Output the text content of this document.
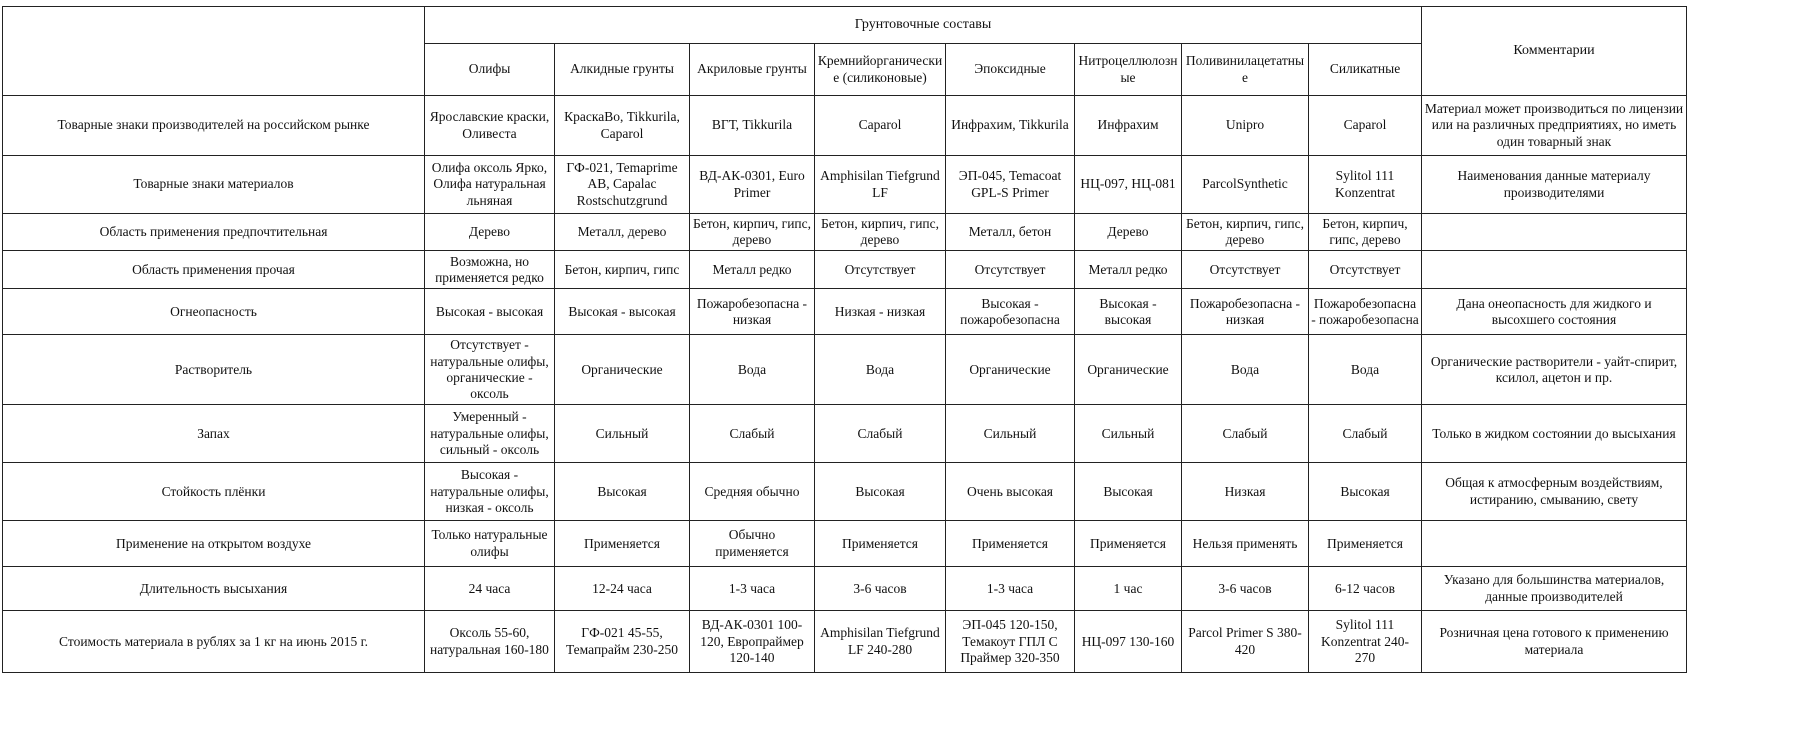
	Грунтовочные составы								Комментарии
	Олифы	Алкидные грунты	Акриловые грунты	Кремнийорганические (силиконовые)	Эпоксидные	Нитроцеллюлозные	Поливинилацетатные	Силикатные	
Товарные знаки производителей на российском рынке	Ярославские краски, Оливеста	КраскаВо, Tikkurila, Caparol	ВГТ, Tikkurila	Caparol	Инфрахим, Tikkurila	Инфрахим	Unipro	Caparol	Материал может производиться по лицензии или на различных предприятиях, но иметь один товарный знак
Товарные знаки материалов	Олифа оксоль Ярко, Олифа натуральная льняная	ГФ-021, Temaprime AB, Capalac Rostschutzgrund	ВД-АК-0301, Euro Primer	Amphisilan Tiefgrund LF	ЭП-045, Temacoat GPL-S Primer	НЦ-097, НЦ-081	ParcolSynthetic	Sylitol 111 Konzentrat	Наименования данные материалу производителями
Область применения предпочтительная	Дерево	Металл, дерево	Бетон, кирпич, гипс, дерево	Бетон, кирпич, гипс, дерево	Металл, бетон	Дерево	Бетон, кирпич, гипс, дерево	Бетон, кирпич, гипс, дерево	
Область применения прочая	Возможна, но применяется редко	Бетон, кирпич, гипс	Металл редко	Отсутствует	Отсутствует	Металл редко	Отсутствует	Отсутствует	
Огнеопасность	Высокая - высокая	Высокая - высокая	Пожаробезопасна - низкая	Низкая - низкая	Высокая - пожаробезопасна	Высокая - высокая	Пожаробезопасна - низкая	Пожаробезопасна - пожаробезопасна	Дана онеопасность для жидкого и высохшего состояния
Растворитель	Отсутствует - натуральные олифы, органические - оксоль	Органические	Вода	Вода	Органические	Органические	Вода	Вода	Органические растворители - уайт-спирит, ксилол, ацетон и пр.
Запах	Умеренный - натуральные олифы, сильный - оксоль	Сильный	Слабый	Слабый	Сильный	Сильный	Слабый	Слабый	Только в жидком состоянии до высыхания
Стойкость плёнки	Высокая - натуральные олифы, низкая - оксоль	Высокая	Средняя обычно	Высокая	Очень высокая	Высокая	Низкая	Высокая	Общая к атмосферным воздействиям, истиранию, смыванию, свету
Применение на открытом воздухе	Только натуральные олифы	Применяется	Обычно применяется	Применяется	Применяется	Применяется	Нельзя применять	Применяется	
Длительность высыхания	24 часа	12-24 часа	1-3 часа	3-6 часов	1-3 часа	1 час	3-6 часов	6-12 часов	Указано для большинства материалов, данные производителей
Стоимость материала в рублях за 1 кг на июнь 2015 г.	Оксоль 55-60, натуральная 160-180	ГФ-021 45-55, Темапрайм 230-250	ВД-АК-0301 100-120, Европраймер 120-140	Amphisilan Tiefgrund LF 240-280	ЭП-045 120-150, Темакоут ГПЛ С Праймер 320-350	НЦ-097 130-160	Parcol Primer S 380-420	Sylitol 111 Konzentrat 240-270	Розничная цена готового к применению материала
